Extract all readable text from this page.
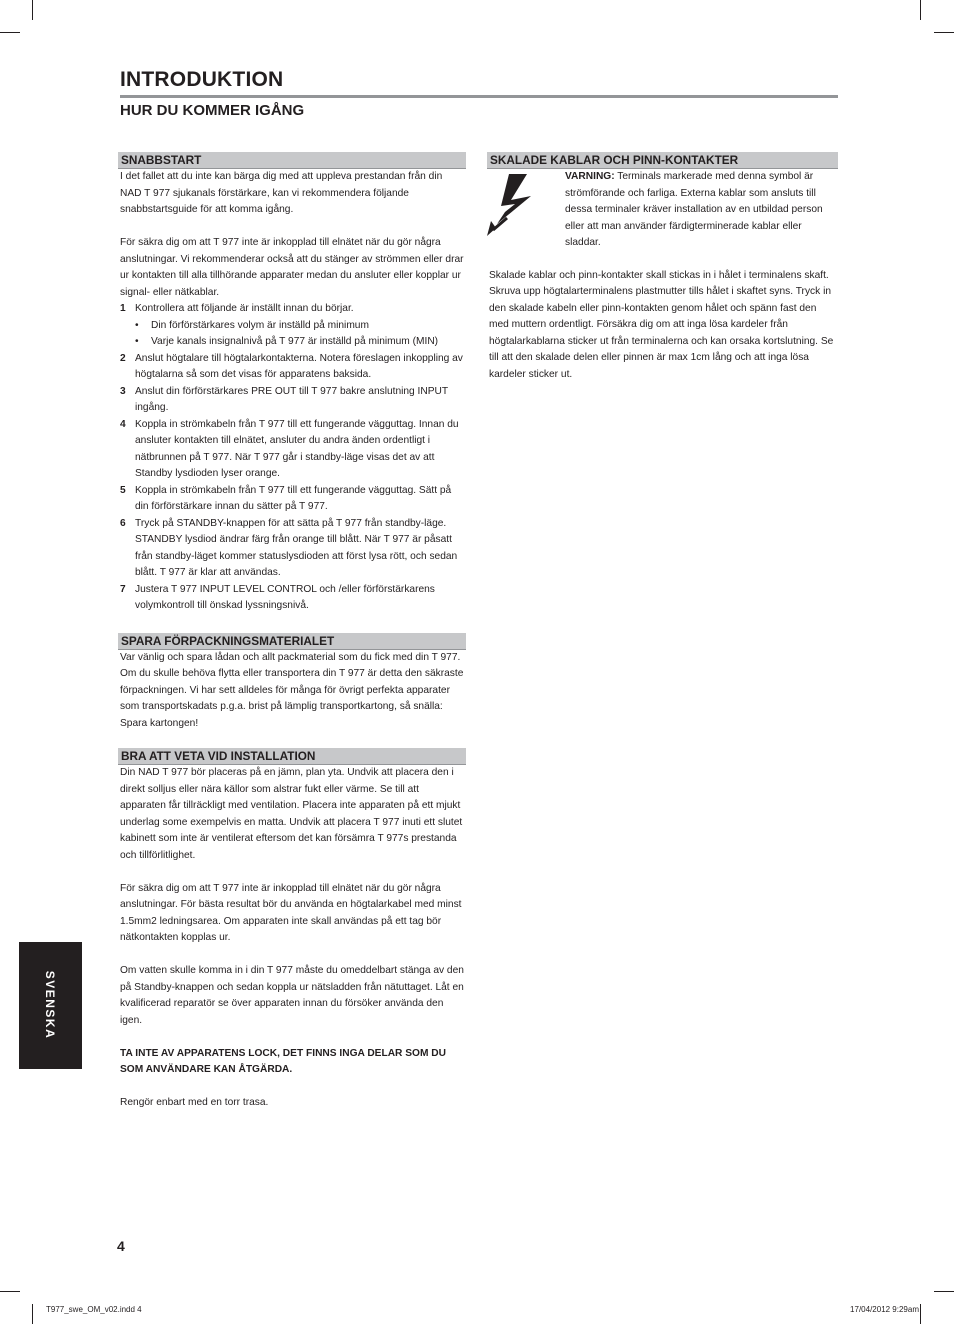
INTRODUKTION
HUR DU KOMMER IGÅNG
SNABBSTART

I det fallet att du inte kan bärga dig med att uppleva prestandan från din NAD T 977 sjukanals förstärkare, kan vi rekommendera följande snabbstartsguide för att komma igång.

För säkra dig om att T 977 inte är inkopplad till elnätet när du gör några anslutningar. Vi rekommenderar också att du stänger av strömmen eller drar ur kontakten till alla tillhörande apparater medan du ansluter eller kopplar ur signal- eller nätkablar.

1 Kontrollera att följande är inställt innan du börjar.
• Din förförstärkares volym är inställd på minimum
• Varje kanals insignalnivå på T 977 är inställd på minimum (MIN)
2 Anslut högtalare till högtalarkontakterna. Notera föreslagen inkoppling av högtalarna så som det visas för apparatens baksida.
3 Anslut din förförstärkares PRE OUT till T 977 bakre anslutning INPUT ingång.
4 Koppla in strömkabeln från T 977 till ett fungerande vägguttag. Innan du ansluter kontakten till elnätet, ansluter du andra änden ordentligt i nätbrunnen på T 977. När T 977 går i standby-läge visas det av att Standby lysdioden lyser orange.
5 Koppla in strömkabeln från T 977 till ett fungerande vägguttag. Sätt på din förförstärkare innan du sätter på T 977.
6 Tryck på STANDBY-knappen för att sätta på T 977 från standby-läge. STANDBY lysdiod ändrar färg från orange till blått. När T 977 är påsatt från standby-läget kommer statuslysdioden att först lysa rött, och sedan blått. T 977 är klar att användas.
7 Justera T 977 INPUT LEVEL CONTROL och /eller förförstärkarens volymkontroll till önskad lyssningsnivå.
SPARA FÖRPACKNINGSMATERIALET

Var vänlig och spara lådan och allt packmaterial som du fick med din T 977. Om du skulle behöva flytta eller transportera din T 977 är detta den säkraste förpackningen. Vi har sett alldeles för många för övrigt perfekta apparater som transportskadats p.g.a. brist på lämplig transportkartong, så snälla: Spara kartongen!

BRA ATT VETA VID INSTALLATION

Din NAD T 977 bör placeras på en jämn, plan yta. Undvik att placera den i direkt solljus eller nära källor som alstrar fukt eller värme. Se till att apparaten får tillräckligt med ventilation. Placera inte apparaten på ett mjukt underlag some exempelvis en matta. Undvik att placera T 977 inuti ett slutet kabinett som inte är ventilerat eftersom det kan försämra T 977s prestanda och tillförlitlighet.

För säkra dig om att T 977 inte är inkopplad till elnätet när du gör några anslutningar. För bästa resultat bör du använda en högtalarkabel med minst 1.5mm2 ledningsarea. Om apparaten inte skall användas på ett tag bör nätkontakten kopplas ur.

Om vatten skulle komma in i din T 977 måste du omeddelbart stänga av den på Standby-knappen och sedan koppla ur nätsladden från nätuttaget. Låt en kvalificerad reparatör se över apparaten innan du försöker använda den igen.

TA INTE AV APPARATENS LOCK, DET FINNS INGA DELAR SOM DU SOM ANVÄNDARE KAN ÅTGÄRDA.

Rengör enbart med en torr trasa.

SKALADE KABLAR OCH PINN-KONTAKTER

VARNING: Terminals markerade med denna symbol är strömförande och farliga. Externa kablar som ansluts till dessa terminaler kräver installation av en utbildad person eller att man använder färdigterminerade kablar eller sladdar.

Skalade kablar och pinn-kontakter skall stickas in i hålet i terminalens skaft. Skruva upp högtalarterminalens plastmutter tills hålet i skaftet syns. Tryck in den skalade kabeln eller pinn-kontakten genom hålet och spänn fast den med muttern ordentligt. Försäkra dig om att inga lösa kardeler från högtalarkablarna sticker ut från terminalerna och kan orsaka kortslutning. Se till att den skalade delen eller pinnen är max 1cm lång och att inga lösa kardeler sticker ut.

SVENSKA
4
T977_swe_OM_v02.indd 4	17/04/2012 9:29am
